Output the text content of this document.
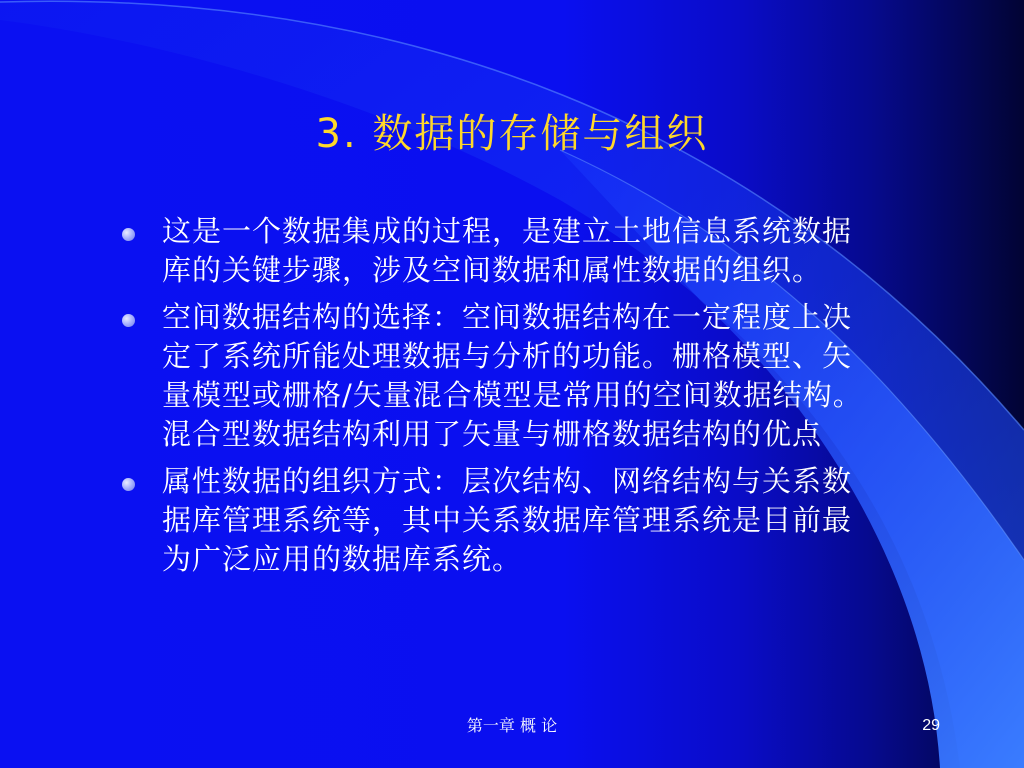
3. 数据的存储与组织
这是一个数据集成的过程，是建立土地信息系统数据库的关键步骤，涉及空间数据和属性数据的组织。
空间数据结构的选择：空间数据结构在一定程度上决定了系统所能处理数据与分析的功能。栅格模型、矢量模型或栅格/矢量混合模型是常用的空间数据结构。混合型数据结构利用了矢量与栅格数据结构的优点
属性数据的组织方式：层次结构、网络结构与关系数据库管理系统等，其中关系数据库管理系统是目前最为广泛应用的数据库系统。
第一章 概 论	29
